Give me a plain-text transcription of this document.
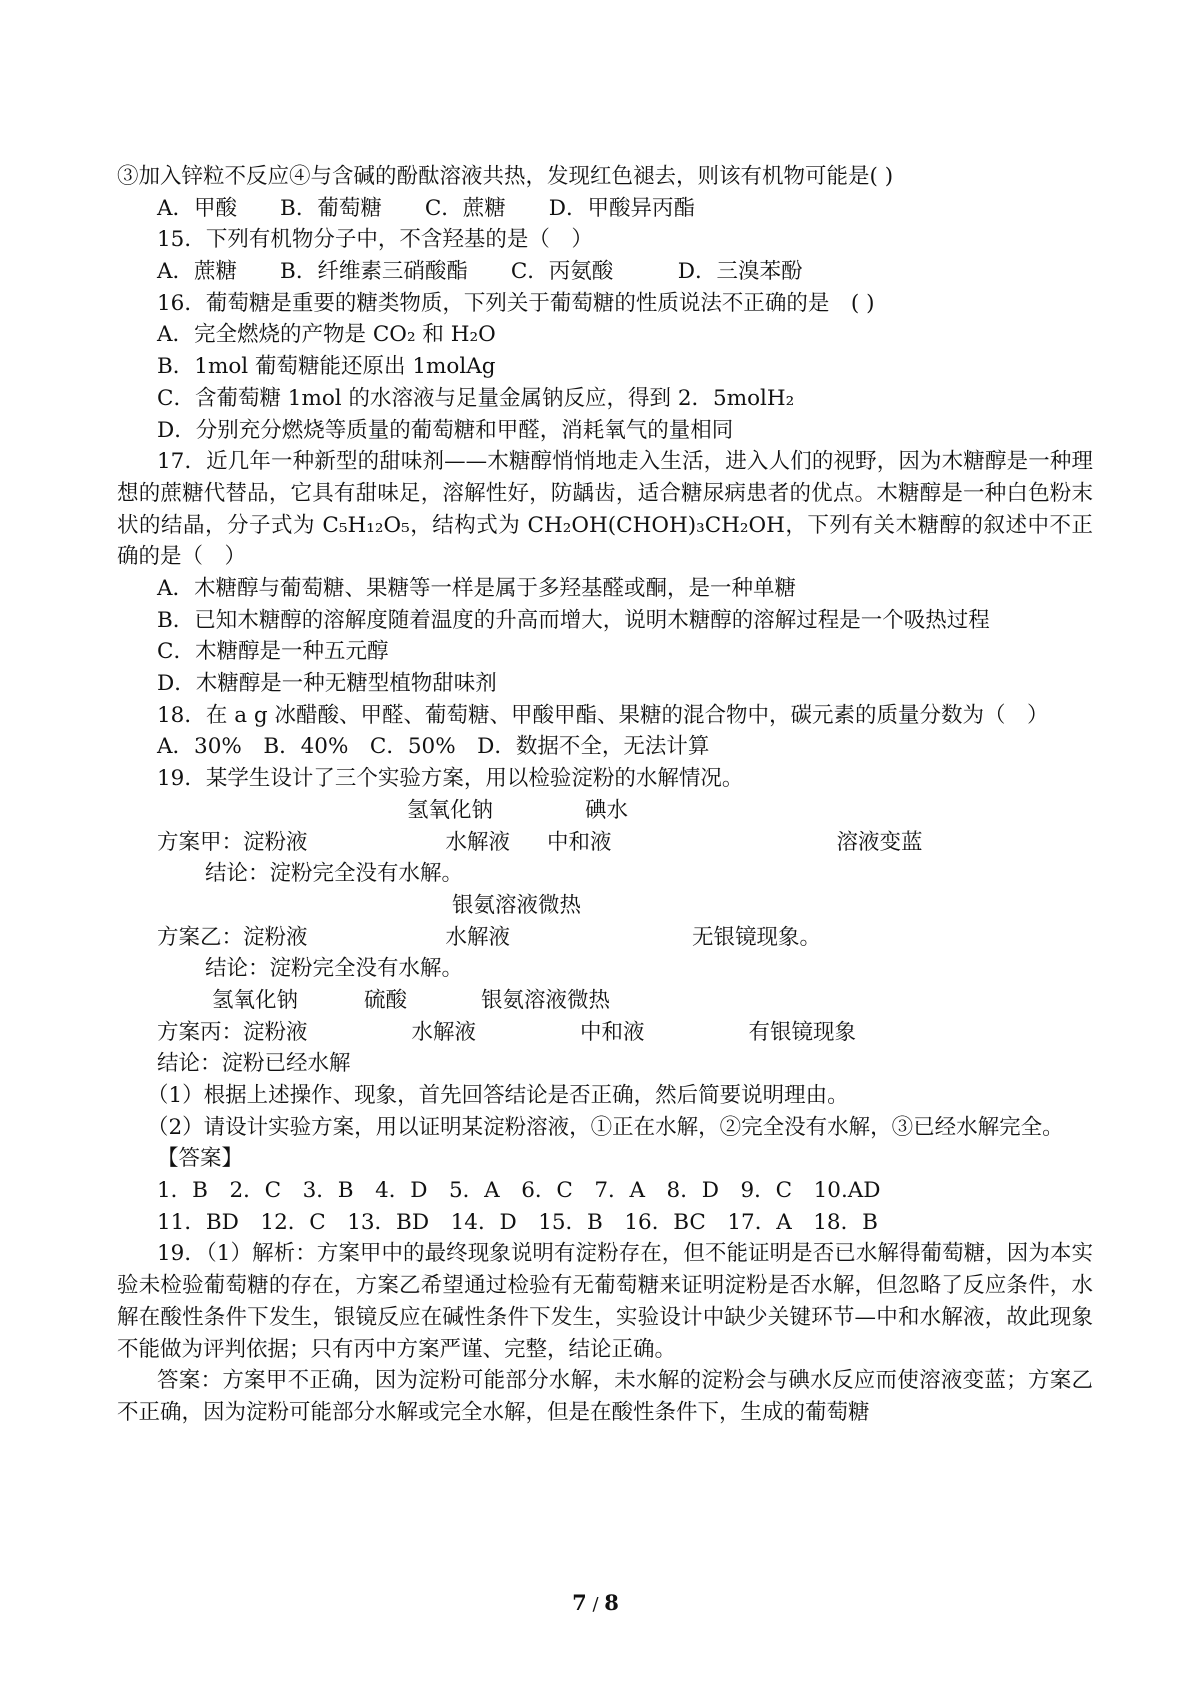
③加入锌粒不反应④与含碱的酚酞溶液共热，发现红色褪去，则该有机物可能是( )
A．甲酸　　B．葡萄糖　　C．蔗糖　　D．甲酸异丙酯
15．下列有机物分子中，不含羟基的是（　）
A．蔗糖　　B．纤维素三硝酸酯　　C．丙氨酸　　　D．三溴苯酚
16．葡萄糖是重要的糖类物质，下列关于葡萄糖的性质说法不正确的是　( )
A．完全燃烧的产物是 CO₂ 和 H₂O
B．1mol 葡萄糖能还原出 1molAg
C．含葡萄糖 1mol 的水溶液与足量金属钠反应，得到 2．5molH₂
D．分别充分燃烧等质量的葡萄糖和甲醛，消耗氧气的量相同
17．近几年一种新型的甜味剂——木糖醇悄悄地走入生活，进入人们的视野，因为木糖醇是一种理想的蔗糖代替品，它具有甜味足，溶解性好，防龋齿，适合糖尿病患者的优点。木糖醇是一种白色粉末状的结晶，分子式为 C₅H₁₂O₅，结构式为 CH₂OH(CHOH)₃CH₂OH，下列有关木糖醇的叙述中不正确的是（　）
A．木糖醇与葡萄糖、果糖等一样是属于多羟基醛或酮，是一种单糖
B．已知木糖醇的溶解度随着温度的升高而增大，说明木糖醇的溶解过程是一个吸热过程
C．木糖醇是一种五元醇
D．木糖醇是一种无糖型植物甜味剂
18．在 a g 冰醋酸、甲醛、葡萄糖、甲酸甲酯、果糖的混合物中，碳元素的质量分数为（　）
A．30%　B．40%　C．50%　D．数据不全，无法计算
19．某学生设计了三个实验方案，用以检验淀粉的水解情况。
氢氧化钠	碘水
方案甲：淀粉液	水解液 中和液	溶液变蓝
结论：淀粉完全没有水解。
银氨溶液微热
方案乙：淀粉液	水解液	无银镜现象。
结论：淀粉完全没有水解。
氢氧化钠	硫酸	银氨溶液微热
方案丙：淀粉液	水解液	中和液	有银镜现象
结论：淀粉已经水解
（1）根据上述操作、现象，首先回答结论是否正确，然后简要说明理由。
（2）请设计实验方案，用以证明某淀粉溶液，①正在水解，②完全没有水解，③已经水解完全。
【答案】
1．B　2．C　3．B　4．D　5．A　6．C　7．A　8．D　9．C　10.AD
11．BD　12．C　13．BD　14．D　15．B　16．BC　17．A　18．B
19．（1）解析：方案甲中的最终现象说明有淀粉存在，但不能证明是否已水解得葡萄糖，因为本实验未检验葡萄糖的存在，方案乙希望通过检验有无葡萄糖来证明淀粉是否水解，但忽略了反应条件，水解在酸性条件下发生，银镜反应在碱性条件下发生，实验设计中缺少关键环节—中和水解液，故此现象不能做为评判依据；只有丙中方案严谨、完整，结论正确。
答案：方案甲不正确，因为淀粉可能部分水解，未水解的淀粉会与碘水反应而使溶液变蓝；方案乙不正确，因为淀粉可能部分水解或完全水解，但是在酸性条件下，生成的葡萄糖
7 / 8
